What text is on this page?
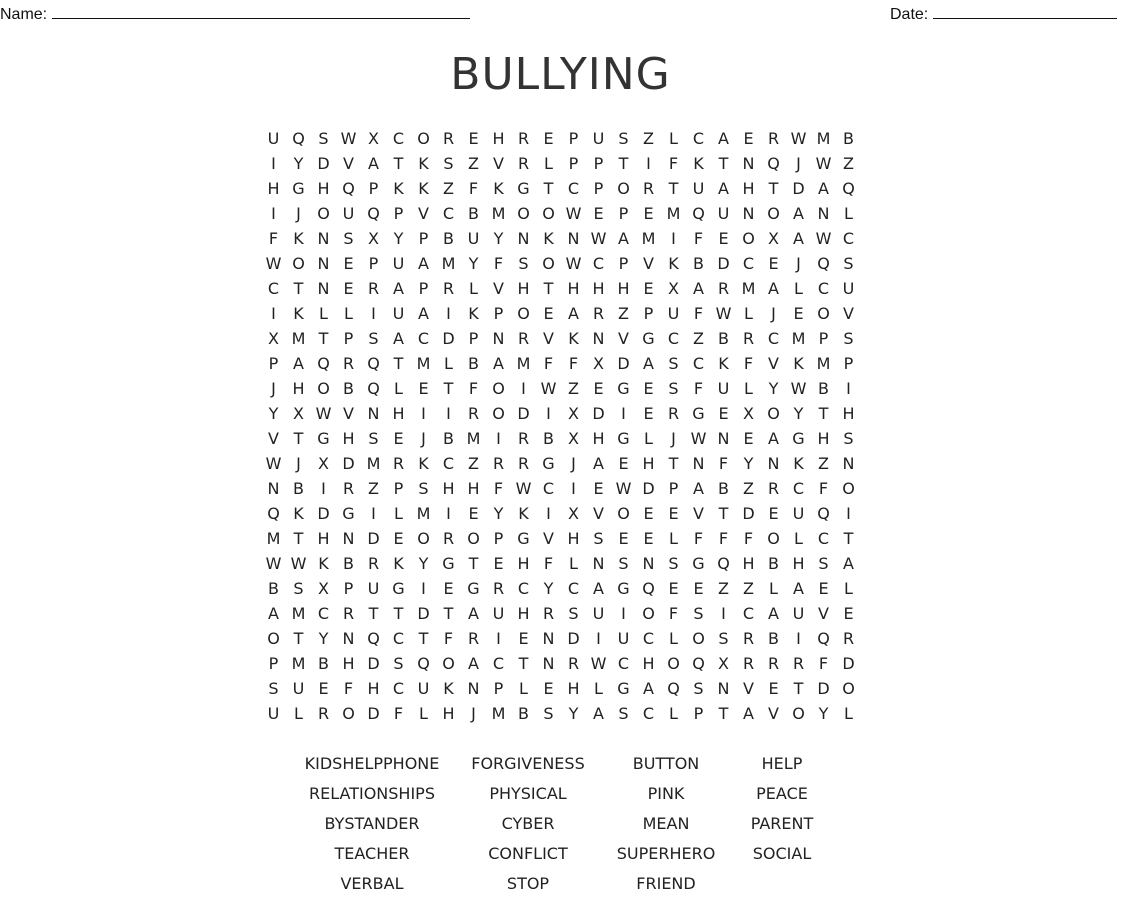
Name:	Date:
BULLYING
U Q S W X C O R E H R E P U S Z L C A E R W M B
I	Y D V A T K S Z V R L P P T	I	F K T N Q	J W Z
H G H Q P K K Z F K G T C P O R T U A H T D A Q
I	J	O U Q P V C B M O O W E P E M Q U N O A N L
F K N S X Y P B U Y N K N W A M I	F E O X A W C
W O N E P U A M Y F S O W C P V K B D C E	J	Q S
C T N E R A P R L V H T H H H E X A R M A L C U
I	K L	L	I	U A	I	K P O E A R Z P U F W L	J	E O V
X M T P S A C D P N R V K N V G C Z B R C M P S
P A Q R Q T M L B A M F F X D A S C K F V K M P
J	H O B Q L E T F O	I W Z E G E S F U L Y W B	I
Y X W V N H	I	I	R O D	I	X D	I	E R G E X O Y T H
V T G H S E	J	B M I	R B X H G L	J W N E A G H S
W J	X D M R K C Z R R G	J	A E H T N F Y N K Z N
N B	I	R Z P S H H F W C	I	E W D P A B Z R C F O
Q K D G	I	L M I	E Y K	I	X V O E E V T D E U Q	I
M T H N D E O R O P G V H S E E L F F F O L C T
W W K B R K Y G T E H F L N S N S G Q H B H S A
B S X P U G	I	E G R C Y C A G Q E E Z Z L A E L
A M C R T T D T A U H R S U	I	O F S	I	C A U V E
O T Y N Q C T F R	I	E N D	I	U C L O S R B	I	Q R
P M B H D S Q O A C T N R W C H O Q X R R R F D
S U E F H C U K N P L E H L G A Q S N V E T D O
U L R O D F L H	J M B S Y A S C L P T A V O Y L
KIDSHELPPHONE	FORGIVENESS	BUTTON	HELP
RELATIONSHIPS	PHYSICAL	PINK	PEACE
BYSTANDER	CYBER	MEAN	PARENT
TEACHER	CONFLICT	SUPERHERO	SOCIAL
VERBAL	STOP	FRIEND
